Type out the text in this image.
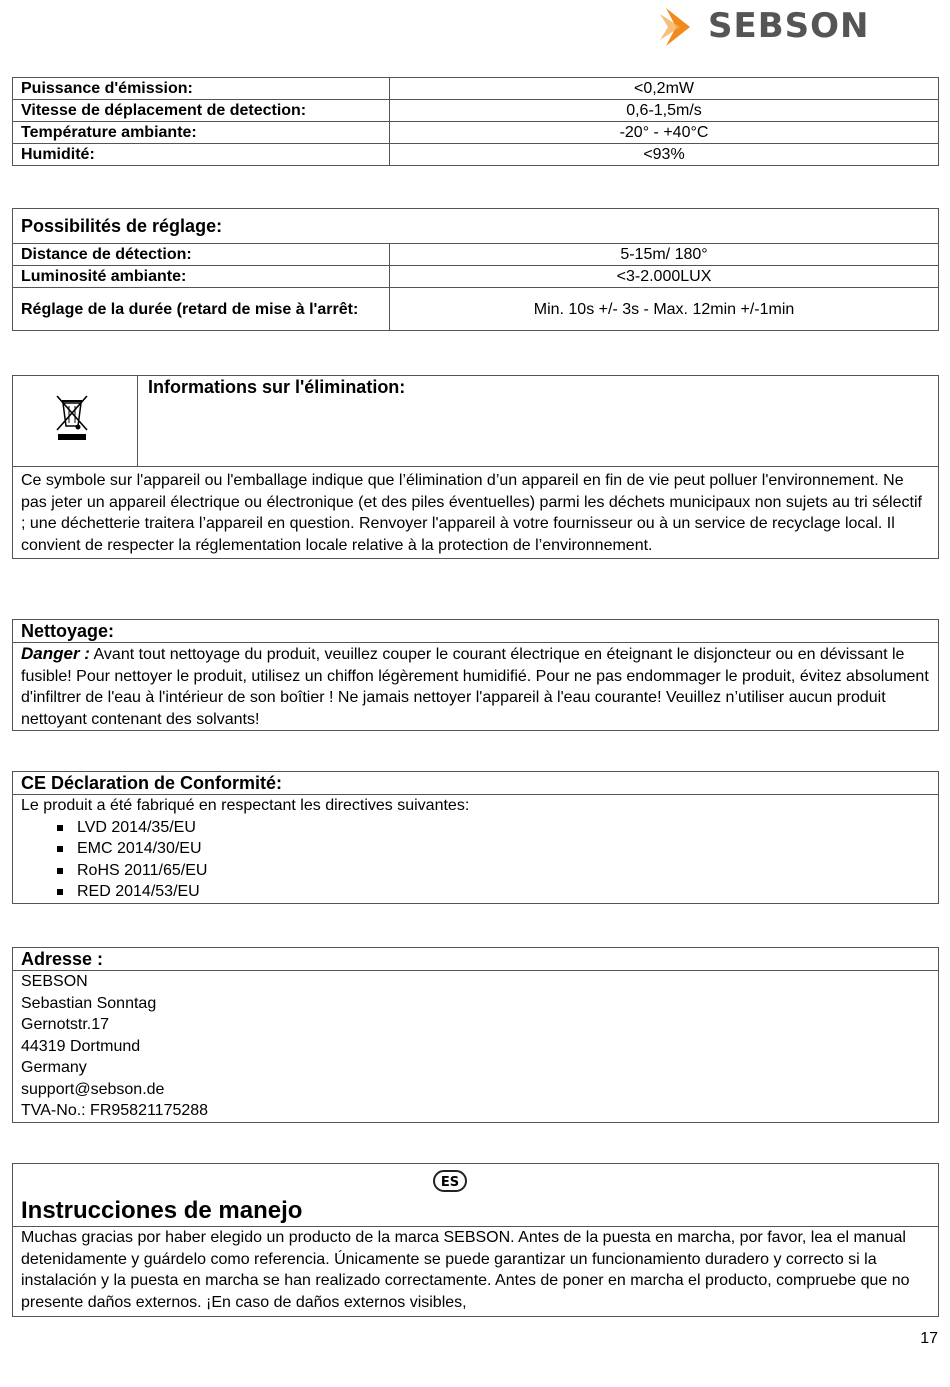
SEBSON
Puissance d'émission:	<0,2mW
Vitesse de déplacement de detection:	0,6-1,5m/s
Température ambiante:	-20° - +40°C
Humidité:	<93%
Possibilités de réglage:	
Distance de détection:	5-15m/ 180°
Luminosité ambiante:	<3-2.000LUX
Réglage de la durée (retard de mise à l'arrêt:	Min. 10s +/- 3s - Max. 12min +/-1min
Informations sur l'élimination:
Ce symbole sur l'appareil ou l'emballage indique que l’élimination d’un appareil en fin de vie peut polluer l'environnement. Ne pas jeter un appareil électrique ou électronique (et des piles éventuelles) parmi les déchets municipaux non sujets au tri sélectif ; une déchetterie traitera l’appareil en question. Renvoyer l'appareil à votre fournisseur ou à un service de recyclage local. Il convient de respecter la réglementation locale relative à la protection de l’environnement.
Nettoyage:
Danger : Avant tout nettoyage du produit, veuillez couper le courant électrique en éteignant le disjoncteur ou en dévissant le fusible! Pour nettoyer le produit, utilisez un chiffon légèrement humidifié. Pour ne pas endommager le produit, évitez absolument d'infiltrer de l'eau à l'intérieur de son boîtier ! Ne jamais nettoyer l'appareil à l'eau courante! Veuillez n’utiliser aucun produit nettoyant contenant des solvants!
CE Déclaration de Conformité:
Le produit a été fabriqué en respectant les directives suivantes:
LVD 2014/35/EU
EMC 2014/30/EU
RoHS 2011/65/EU
RED 2014/53/EU
Adresse :
SEBSON
Sebastian Sonntag
Gernotstr.17
44319 Dortmund
Germany
support@sebson.de
TVA-No.: FR95821175288
Instrucciones de manejo
Muchas gracias por haber elegido un producto de la marca SEBSON. Antes de la puesta en marcha, por favor, lea el manual detenidamente y guárdelo como referencia. Únicamente se puede garantizar un funcionamiento duradero y correcto si la instalación y la puesta en marcha se han realizado correctamente. Antes de poner en marcha el producto, compruebe que no presente daños externos. ¡En caso de daños externos visibles,
ES
17
